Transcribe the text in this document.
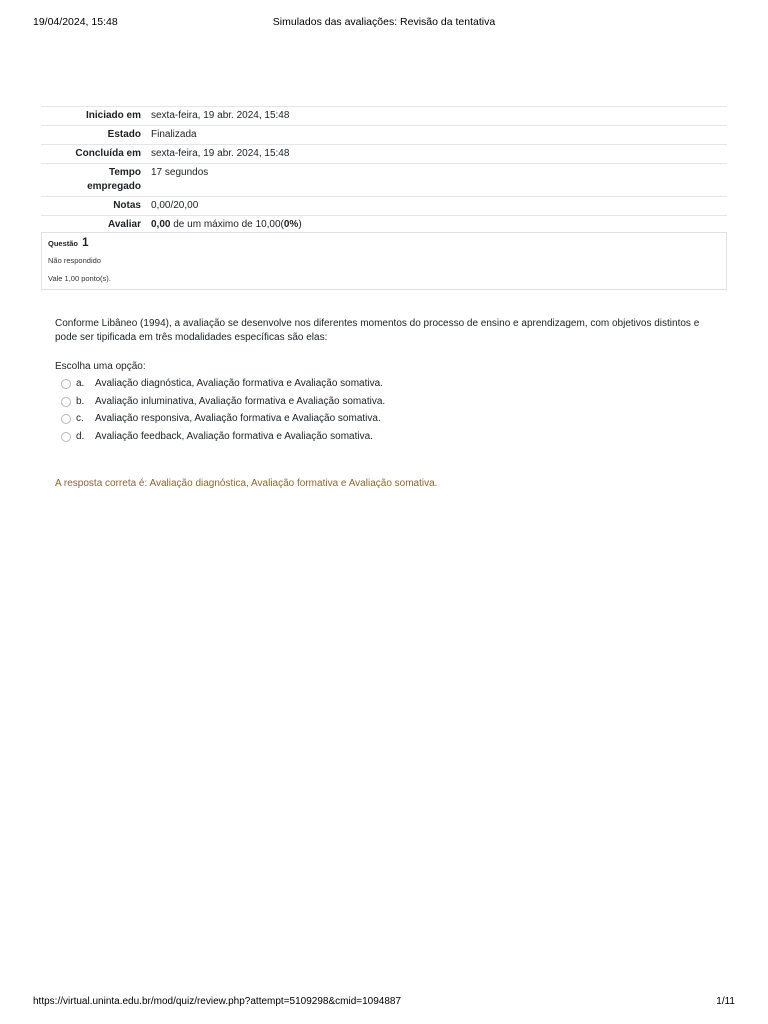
19/04/2024, 15:48	Simulados das avaliações: Revisão da tentativa
Iniciado em	sexta-feira, 19 abr. 2024, 15:48
Estado	Finalizada
Concluída em	sexta-feira, 19 abr. 2024, 15:48
Tempo
empregado	17 segundos
Notas	0,00/20,00
Avaliar	0,00 de um máximo de 10,00(0%)
Questão 1
Não respondido
Vale 1,00 ponto(s).
Conforme Libâneo (1994), a avaliação se desenvolve nos diferentes momentos do processo de ensino e aprendizagem, com objetivos distintos e pode ser tipificada em três modalidades específicas são elas:
Escolha uma opção:
a. Avaliação diagnóstica, Avaliação formativa e Avaliação somativa.
b. Avaliação inluminativa, Avaliação formativa e Avaliação somativa.
c. Avaliação responsiva, Avaliação formativa e Avaliação somativa.
d. Avaliação feedback, Avaliação formativa e Avaliação somativa.
A resposta correta é: Avaliação diagnóstica, Avaliação formativa e Avaliação somativa.
https://virtual.uninta.edu.br/mod/quiz/review.php?attempt=5109298&cmid=1094887	1/11
